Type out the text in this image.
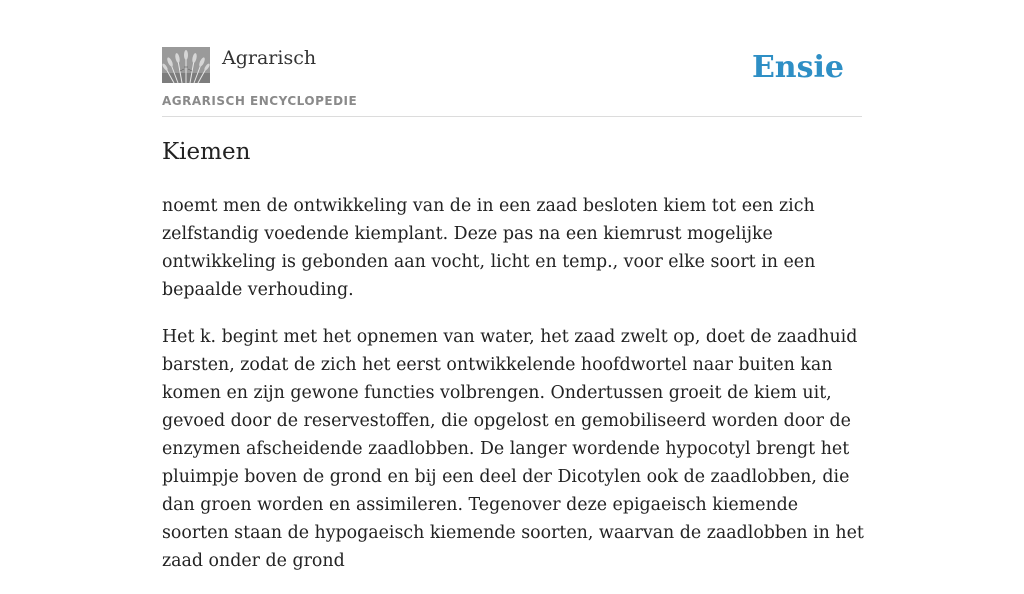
Agrarisch
AGRARISCH ENCYCLOPEDIE
Ensie
Kiemen

noemt men de ontwikkeling van de in een zaad besloten kiem tot een zich zelfstandig voedende kiemplant. Deze pas na een kiemrust mogelijke ontwikkeling is gebonden aan vocht, licht en temp., voor elke soort in een bepaalde verhouding.

Het k. begint met het opnemen van water, het zaad zwelt op, doet de zaadhuid barsten, zodat de zich het eerst ontwikkelende hoofdwortel naar buiten kan komen en zijn gewone functies volbrengen. Ondertussen groeit de kiem uit, gevoed door de reservestoffen, die opgelost en gemobiliseerd worden door de enzymen afscheidende zaadlobben. De langer wordende hypocotyl brengt het pluimpje boven de grond en bij een deel der Dicotylen ook de zaadlobben, die dan groen worden en assimileren. Tegenover deze epigaeisch kiemende soorten staan de hypogaeisch kiemende soorten, waarvan de zaadlobben in het zaad onder de grond
